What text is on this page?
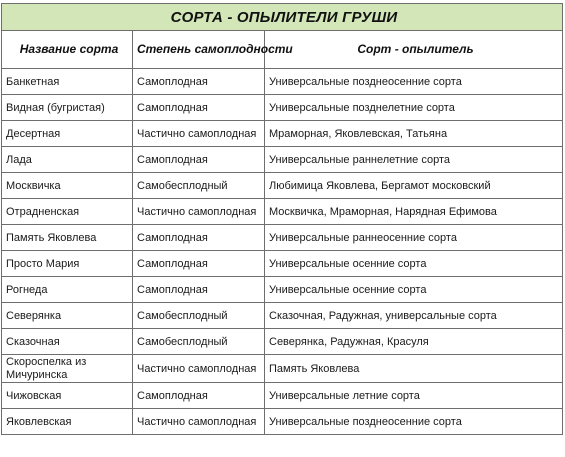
СОРТА - ОПЫЛИТЕЛИ ГРУШИ		
Название сорта	Степень самоплодности	Сорт - опылитель
Банкетная	Самоплодная	Универсальные позднеосенние сорта
Видная (бугристая)	Самоплодная	Универсальные позднелетние сорта
Десертная	Частично самоплодная	Мраморная, Яковлевская, Татьяна
Лада	Самоплодная	Универсальные раннелетние сорта
Москвичка	Самобесплодный	Любимица Яковлева, Бергамот московский
Отрадненская	Частично самоплодная	Москвичка, Мраморная, Нарядная Ефимова
Память Яковлева	Самоплодная	Универсальные раннеосенние сорта
Просто Мария	Самоплодная	Универсальные осенние сорта
Рогнеда	Самоплодная	Универсальные осенние сорта
Северянка	Самобесплодный	Сказочная, Радужная, универсальные сорта
Сказочная	Самобесплодный	Северянка, Радужная, Красуля
Скороспелка из Мичуринска	Частично самоплодная	Память Яковлева
Чижовская	Самоплодная	Универсальные летние сорта
Яковлевская	Частично самоплодная	Универсальные позднеосенние сорта
